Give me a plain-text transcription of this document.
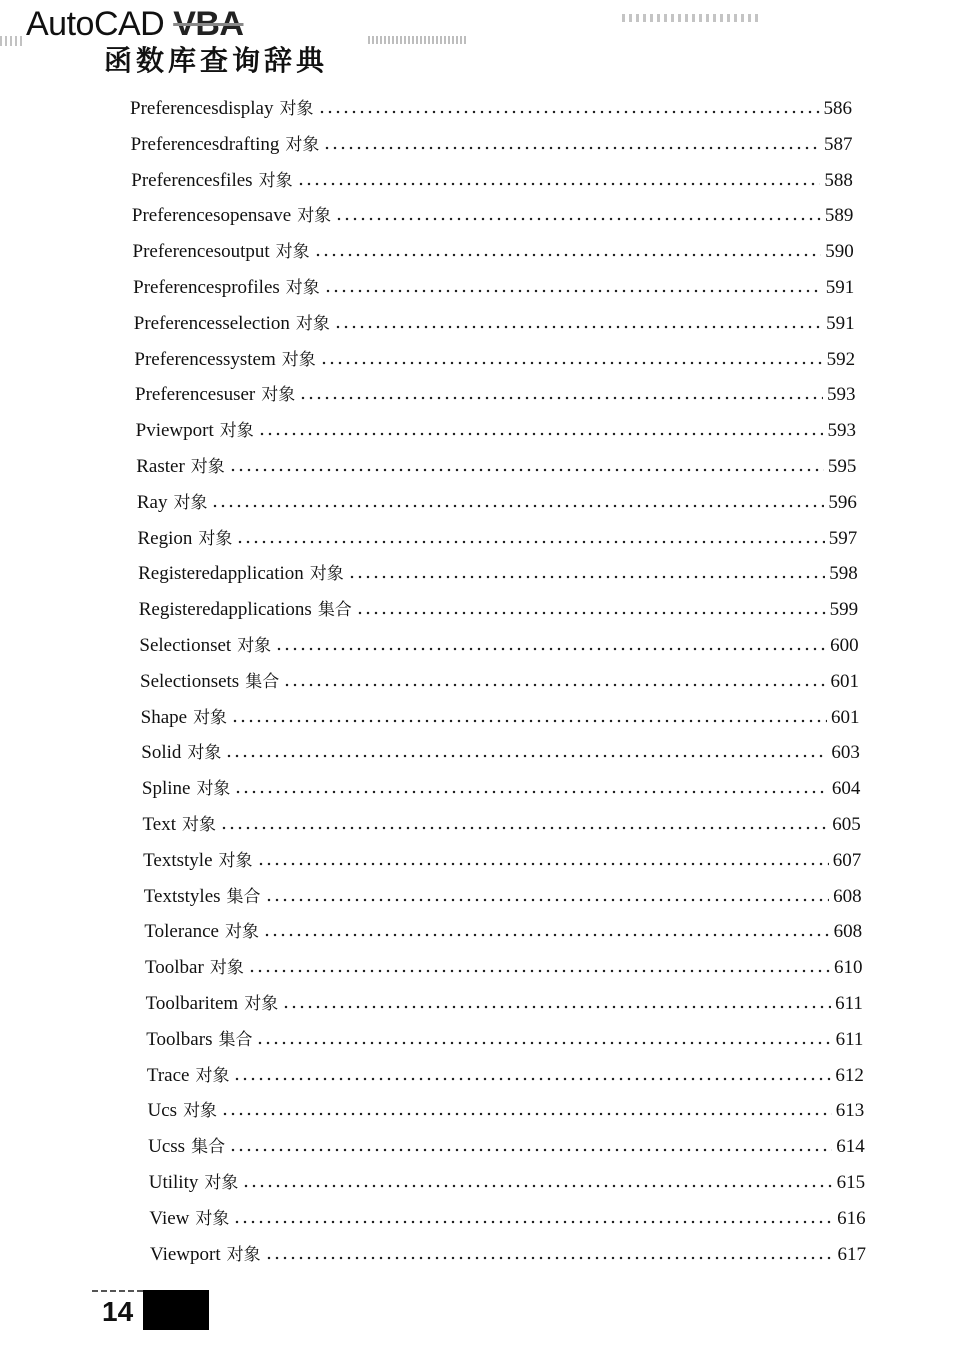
AutoCAD VBA
函数库查询辞典
Preferencesdisplay 对象	586
Preferencesdrafting 对象	587
Preferencesfiles 对象	588
Preferencesopensave 对象	589
Preferencesoutput 对象	590
Preferencesprofiles 对象	591
Preferencesselection 对象	591
Preferencessystem 对象	592
Preferencesuser 对象	593
Pviewport 对象	593
Raster 对象	595
Ray 对象	596
Region 对象	597
Registeredapplication 对象	598
Registeredapplications 集合	599
Selectionset 对象	600
Selectionsets 集合	601
Shape 对象	601
Solid 对象	603
Spline 对象	604
Text 对象	605
Textstyle 对象	607
Textstyles 集合	608
Tolerance 对象	608
Toolbar 对象	610
Toolbaritem 对象	611
Toolbars 集合	611
Trace 对象	612
Ucs 对象	613
Ucss 集合	614
Utility 对象	615
View 对象	616
Viewport 对象	617
14
